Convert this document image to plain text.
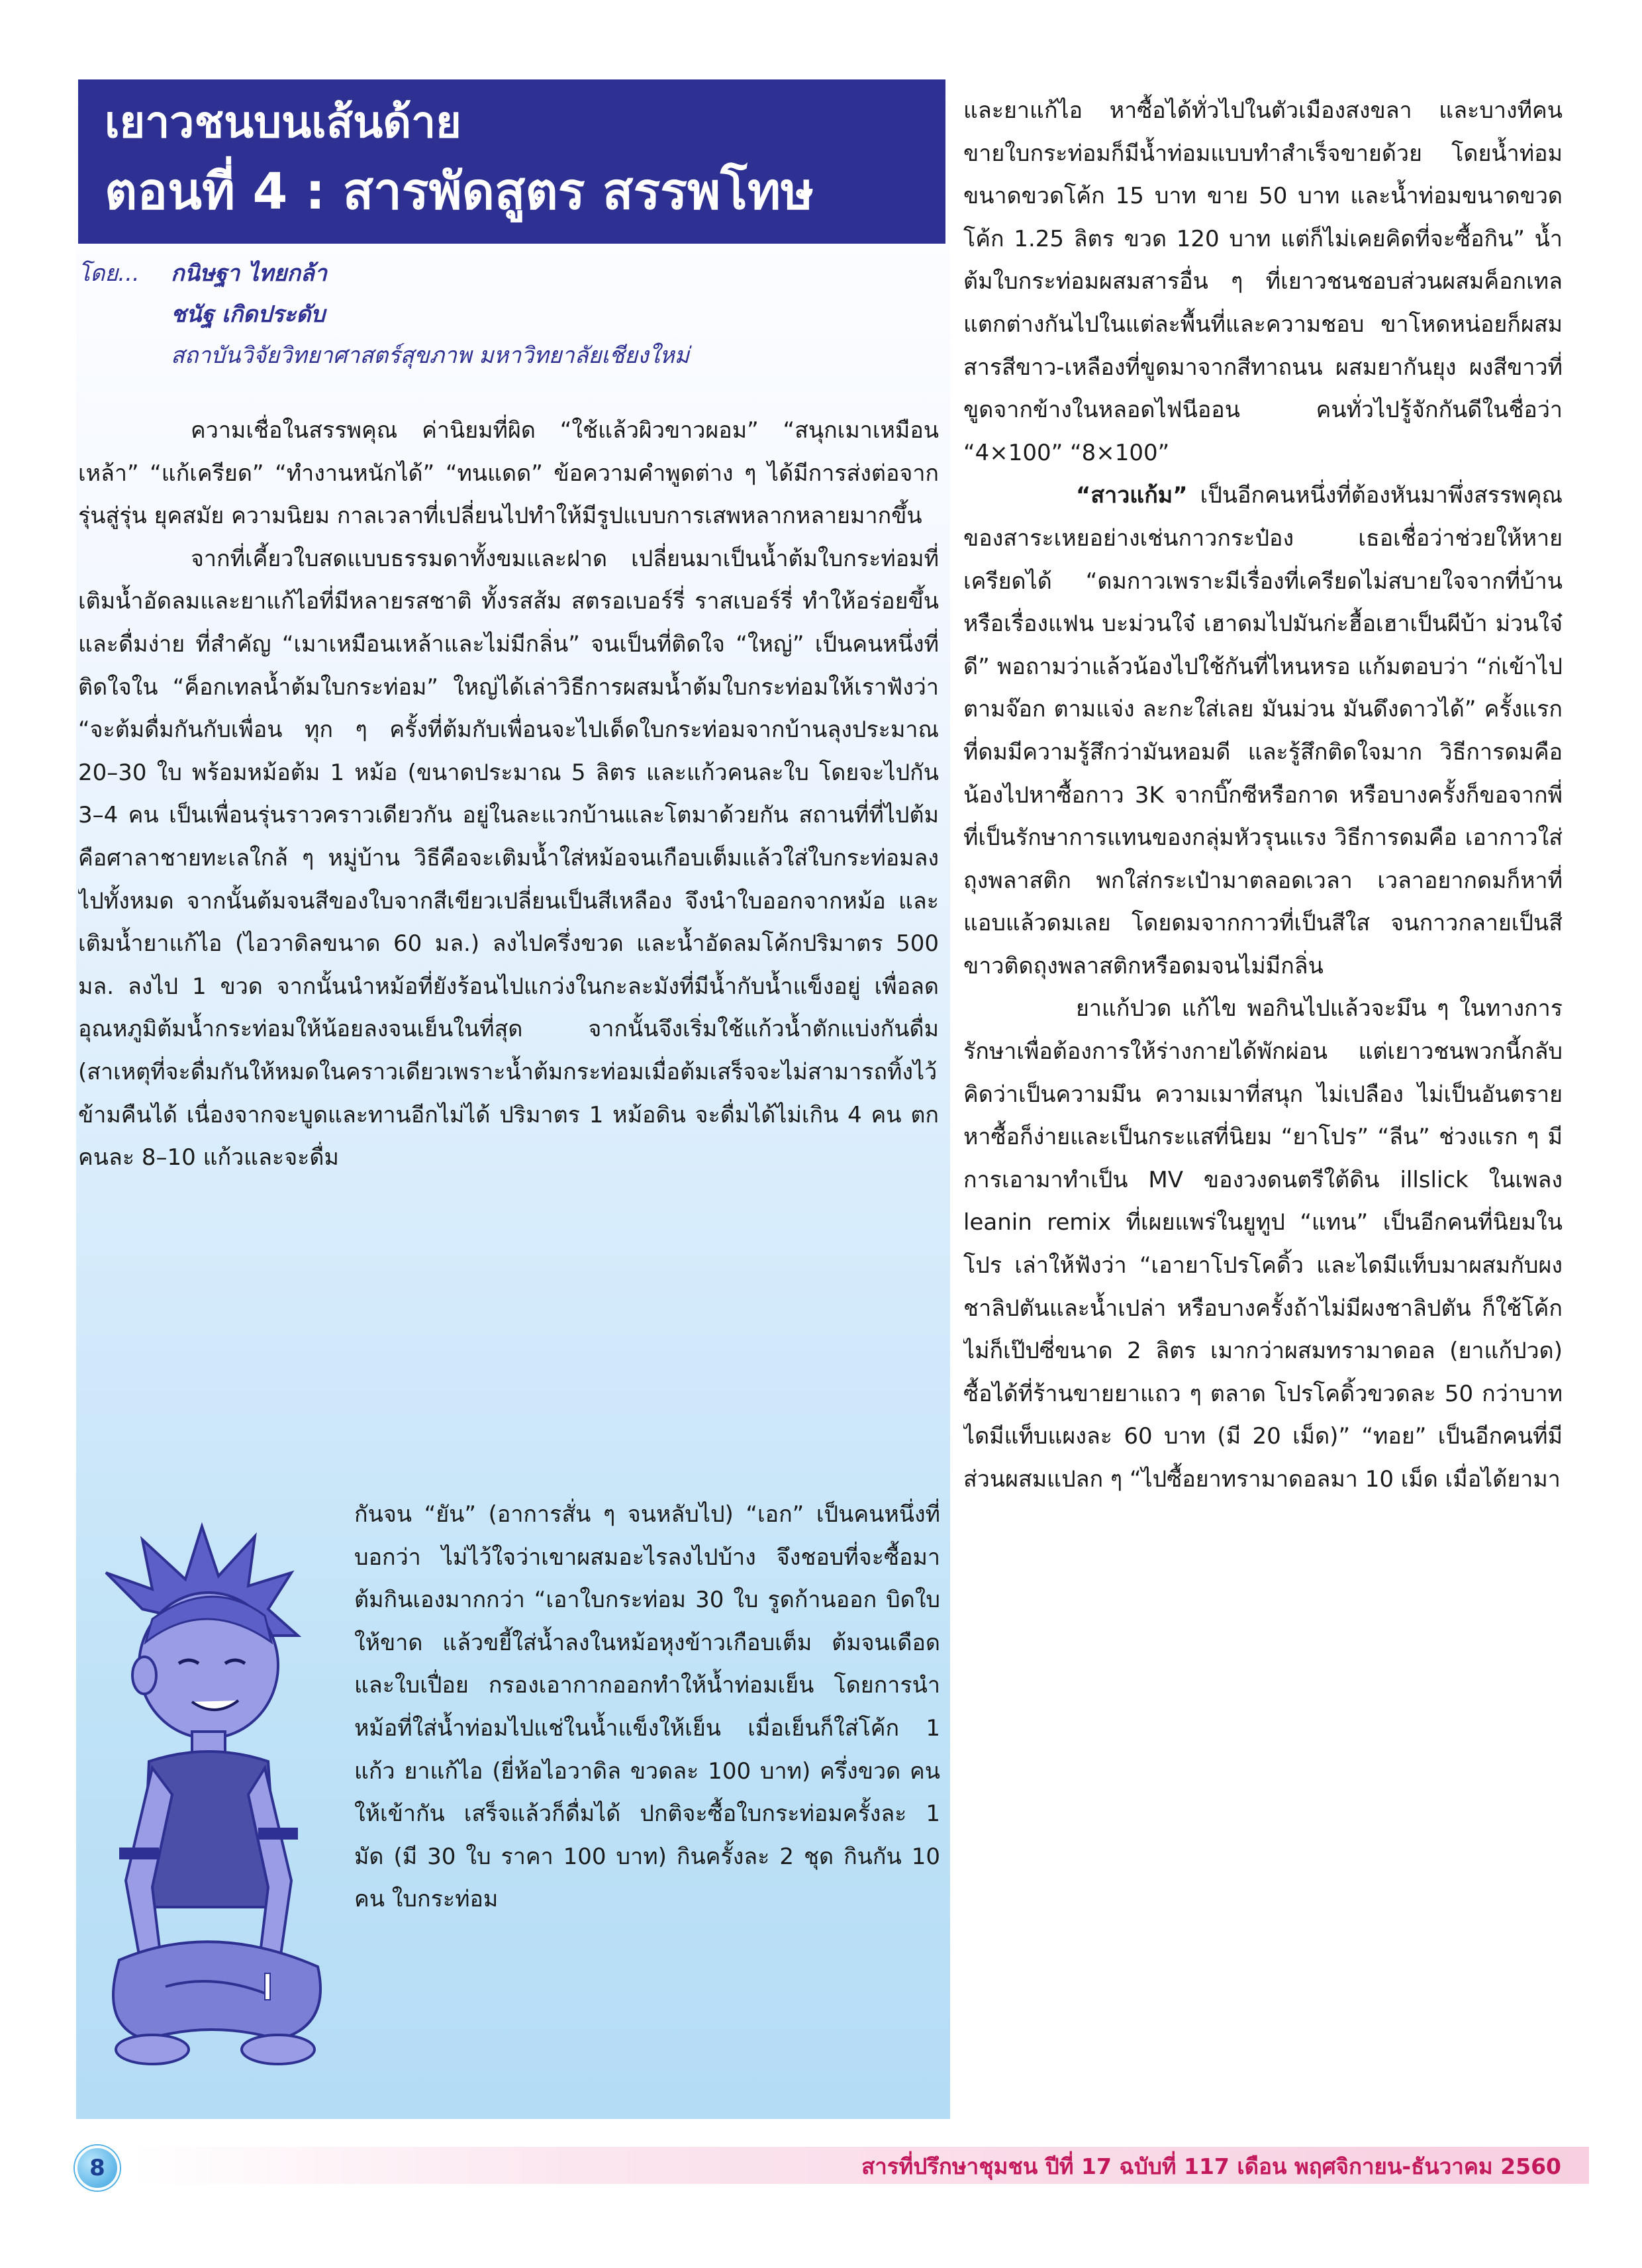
เยาวชนบนเส้นด้าย
ตอนที่ 4 : สารพัดสูตร สรรพโทษ
โดย... กนิษฐา ไทยกล้า
ชนัฐ เกิดประดับ
สถาบันวิจัยวิทยาศาสตร์สุขภาพ มหาวิทยาลัยเชียงใหม่

ความเชื่อในสรรพคุณ ค่านิยมที่ผิด “ใช้แล้วผิวขาวผอม” “สนุกเมาเหมือนเหล้า” “แก้เครียด” “ทำงานหนักได้” “ทนแดด” ข้อความคำพูดต่าง ๆ ได้มีการส่งต่อจากรุ่นสู่รุ่น ยุคสมัย ความนิยม กาลเวลาที่เปลี่ยนไปทำให้มีรูปแบบการเสพหลากหลายมากขึ้น

จากที่เคี้ยวใบสดแบบธรรมดาทั้งขมและฝาด เปลี่ยนมาเป็นน้ำต้มใบกระท่อมที่เติมน้ำอัดลมและยาแก้ไอที่มีหลายรสชาติ ทั้งรสส้ม สตรอเบอร์รี่ ราสเบอร์รี่ ทำให้อร่อยขึ้นและดื่มง่าย ที่สำคัญ “เมาเหมือนเหล้าและไม่มีกลิ่น” จนเป็นที่ติดใจ “ใหญ่” เป็นคนหนึ่งที่ติดใจใน “ค็อกเทลน้ำต้มใบกระท่อม” ใหญ่ได้เล่าวิธีการผสมน้ำต้มใบกระท่อมให้เราฟังว่า “จะต้มดื่มกันกับเพื่อน ทุก ๆ ครั้งที่ต้มกับเพื่อนจะไปเด็ดใบกระท่อมจากบ้านลุงประมาณ 20–30 ใบ พร้อมหม้อต้ม 1 หม้อ (ขนาดประมาณ 5 ลิตร และแก้วคนละใบ โดยจะไปกัน 3–4 คน เป็นเพื่อนรุ่นราวคราวเดียวกัน อยู่ในละแวกบ้านและโตมาด้วยกัน สถานที่ที่ไปต้มคือศาลาชายทะเลใกล้ ๆ หมู่บ้าน วิธีคือจะเติมน้ำใส่หม้อจนเกือบเต็มแล้วใส่ใบกระท่อมลงไปทั้งหมด จากนั้นต้มจนสีของใบจากสีเขียวเปลี่ยนเป็นสีเหลือง จึงนำใบออกจากหม้อ และเติมน้ำยาแก้ไอ (ไอวาดิลขนาด 60 มล.) ลงไปครึ่งขวด และน้ำอัดลมโค้กปริมาตร 500 มล. ลงไป 1 ขวด จากนั้นนำหม้อที่ยังร้อนไปแกว่งในกะละมังที่มีน้ำกับน้ำแข็งอยู่ เพื่อลดอุณหภูมิต้มน้ำกระท่อมให้น้อยลงจนเย็นในที่สุด จากนั้นจึงเริ่มใช้แก้วน้ำตักแบ่งกันดื่ม (สาเหตุที่จะดื่มกันให้หมดในคราวเดียวเพราะน้ำต้มกระท่อมเมื่อต้มเสร็จจะไม่สามารถทิ้งไว้ข้ามคืนได้ เนื่องจากจะบูดและทานอีกไม่ได้ ปริมาตร 1 หม้อดิน จะดื่มได้ไม่เกิน 4 คน ตกคนละ 8–10 แก้วและจะดื่ม

กันจน “ยัน” (อาการสั่น ๆ จนหลับไป) “เอก” เป็นคนหนึ่งที่บอกว่า ไม่ไว้ใจว่าเขาผสมอะไรลงไปบ้าง จึงชอบที่จะซื้อมาต้มกินเองมากกว่า “เอาใบกระท่อม 30 ใบ รูดก้านออก บิดใบให้ขาด แล้วขยี้ใส่น้ำลงในหม้อหุงข้าวเกือบเต็ม ต้มจนเดือดและใบเปื่อย กรองเอากากออกทำให้น้ำท่อมเย็น โดยการนำหม้อที่ใส่น้ำท่อมไปแช่ในน้ำแข็งให้เย็น เมื่อเย็นก็ใส่โค้ก 1 แก้ว ยาแก้ไอ (ยี่ห้อไอวาดิล ขวดละ 100 บาท) ครึ่งขวด คนให้เข้ากัน เสร็จแล้วก็ดื่มได้ ปกติจะซื้อใบกระท่อมครั้งละ 1 มัด (มี 30 ใบ ราคา 100 บาท) กินครั้งละ 2 ชุด กินกัน 10 คน ใบกระท่อม

และยาแก้ไอ หาซื้อได้ทั่วไปในตัวเมืองสงขลา และบางทีคนขายใบกระท่อมก็มีน้ำท่อมแบบทำสำเร็จขายด้วย โดยน้ำท่อมขนาดขวดโค้ก 15 บาท ขาย 50 บาท และน้ำท่อมขนาดขวดโค้ก 1.25 ลิตร ขวด 120 บาท แต่ก็ไม่เคยคิดที่จะซื้อกิน” น้ำต้มใบกระท่อมผสมสารอื่น ๆ ที่เยาวชนชอบส่วนผสมค็อกเทลแตกต่างกันไปในแต่ละพื้นที่และความชอบ ขาโหดหน่อยก็ผสมสารสีขาว-เหลืองที่ขูดมาจากสีทาถนน ผสมยากันยุง ผงสีขาวที่ขูดจากข้างในหลอดไฟนีออน คนทั่วไปรู้จักกันดีในชื่อว่า “4×100” “8×100”

“สาวแก้ม” เป็นอีกคนหนึ่งที่ต้องหันมาพึ่งสรรพคุณของสาระเหยอย่างเช่นกาวกระป๋อง เธอเชื่อว่าช่วยให้หายเครียดได้ “ดมกาวเพราะมีเรื่องที่เครียดไม่สบายใจจากที่บ้านหรือเรื่องแฟน บะม่วนใจ๋ เฮาดมไปมันก่ะฮื้อเฮาเป็นผีบ้า ม่วนใจ๋ดี” พอถามว่าแล้วน้องไปใช้กันที่ไหนหรอ แก้มตอบว่า “ก่เข้าไปตามจ๊อก ตามแจ่ง ละกะใส่เลย มันม่วน มันดึงดาวได้” ครั้งแรกที่ดมมีความรู้สึกว่ามันหอมดี และรู้สึกติดใจมาก วิธีการดมคือ น้องไปหาซื้อกาว 3K จากบิ๊กซีหรือกาด หรือบางครั้งก็ขอจากพี่ที่เป็นรักษาการแทนของกลุ่มหัวรุนแรง วิธีการดมคือ เอากาวใส่ถุงพลาสติก พกใส่กระเป๋ามาตลอดเวลา เวลาอยากดมก็หาที่แอบแล้วดมเลย โดยดมจากกาวที่เป็นสีใส จนกาวกลายเป็นสีขาวติดถุงพลาสติกหรือดมจนไม่มีกลิ่น

ยาแก้ปวด แก้ไข พอกินไปแล้วจะมึน ๆ ในทางการรักษาเพื่อต้องการให้ร่างกายได้พักผ่อน แต่เยาวชนพวกนี้กลับคิดว่าเป็นความมึน ความเมาที่สนุก ไม่เปลือง ไม่เป็นอันตราย หาซื้อก็ง่ายและเป็นกระแสที่นิยม “ยาโปร” “ลีน” ช่วงแรก ๆ มีการเอามาทำเป็น MV ของวงดนตรีใต้ดิน illslick ในเพลง leanin remix ที่เผยแพร่ในยูทูป “แทน” เป็นอีกคนที่นิยมในโปร เล่าให้ฟังว่า “เอายาโปรโคดิ้ว และไดมีแท็บมาผสมกับผงชาลิปตันและน้ำเปล่า หรือบางครั้งถ้าไม่มีผงชาลิปตัน ก็ใช้โค้กไม่ก็เป๊ปซี่ขนาด 2 ลิตร เมากว่าผสมทรามาดอล (ยาแก้ปวด) ซื้อได้ที่ร้านขายยาแถว ๆ ตลาด โปรโคดิ้วขวดละ 50 กว่าบาท ไดมีแท็บแผงละ 60 บาท (มี 20 เม็ด)” “ทอย” เป็นอีกคนที่มีส่วนผสมแปลก ๆ “ไปซื้อยาทรามาดอลมา 10 เม็ด เมื่อได้ยามา

8	สารที่ปรึกษาชุมชน ปีที่ 17 ฉบับที่ 117 เดือน พฤศจิกายน-ธันวาคม 2560
